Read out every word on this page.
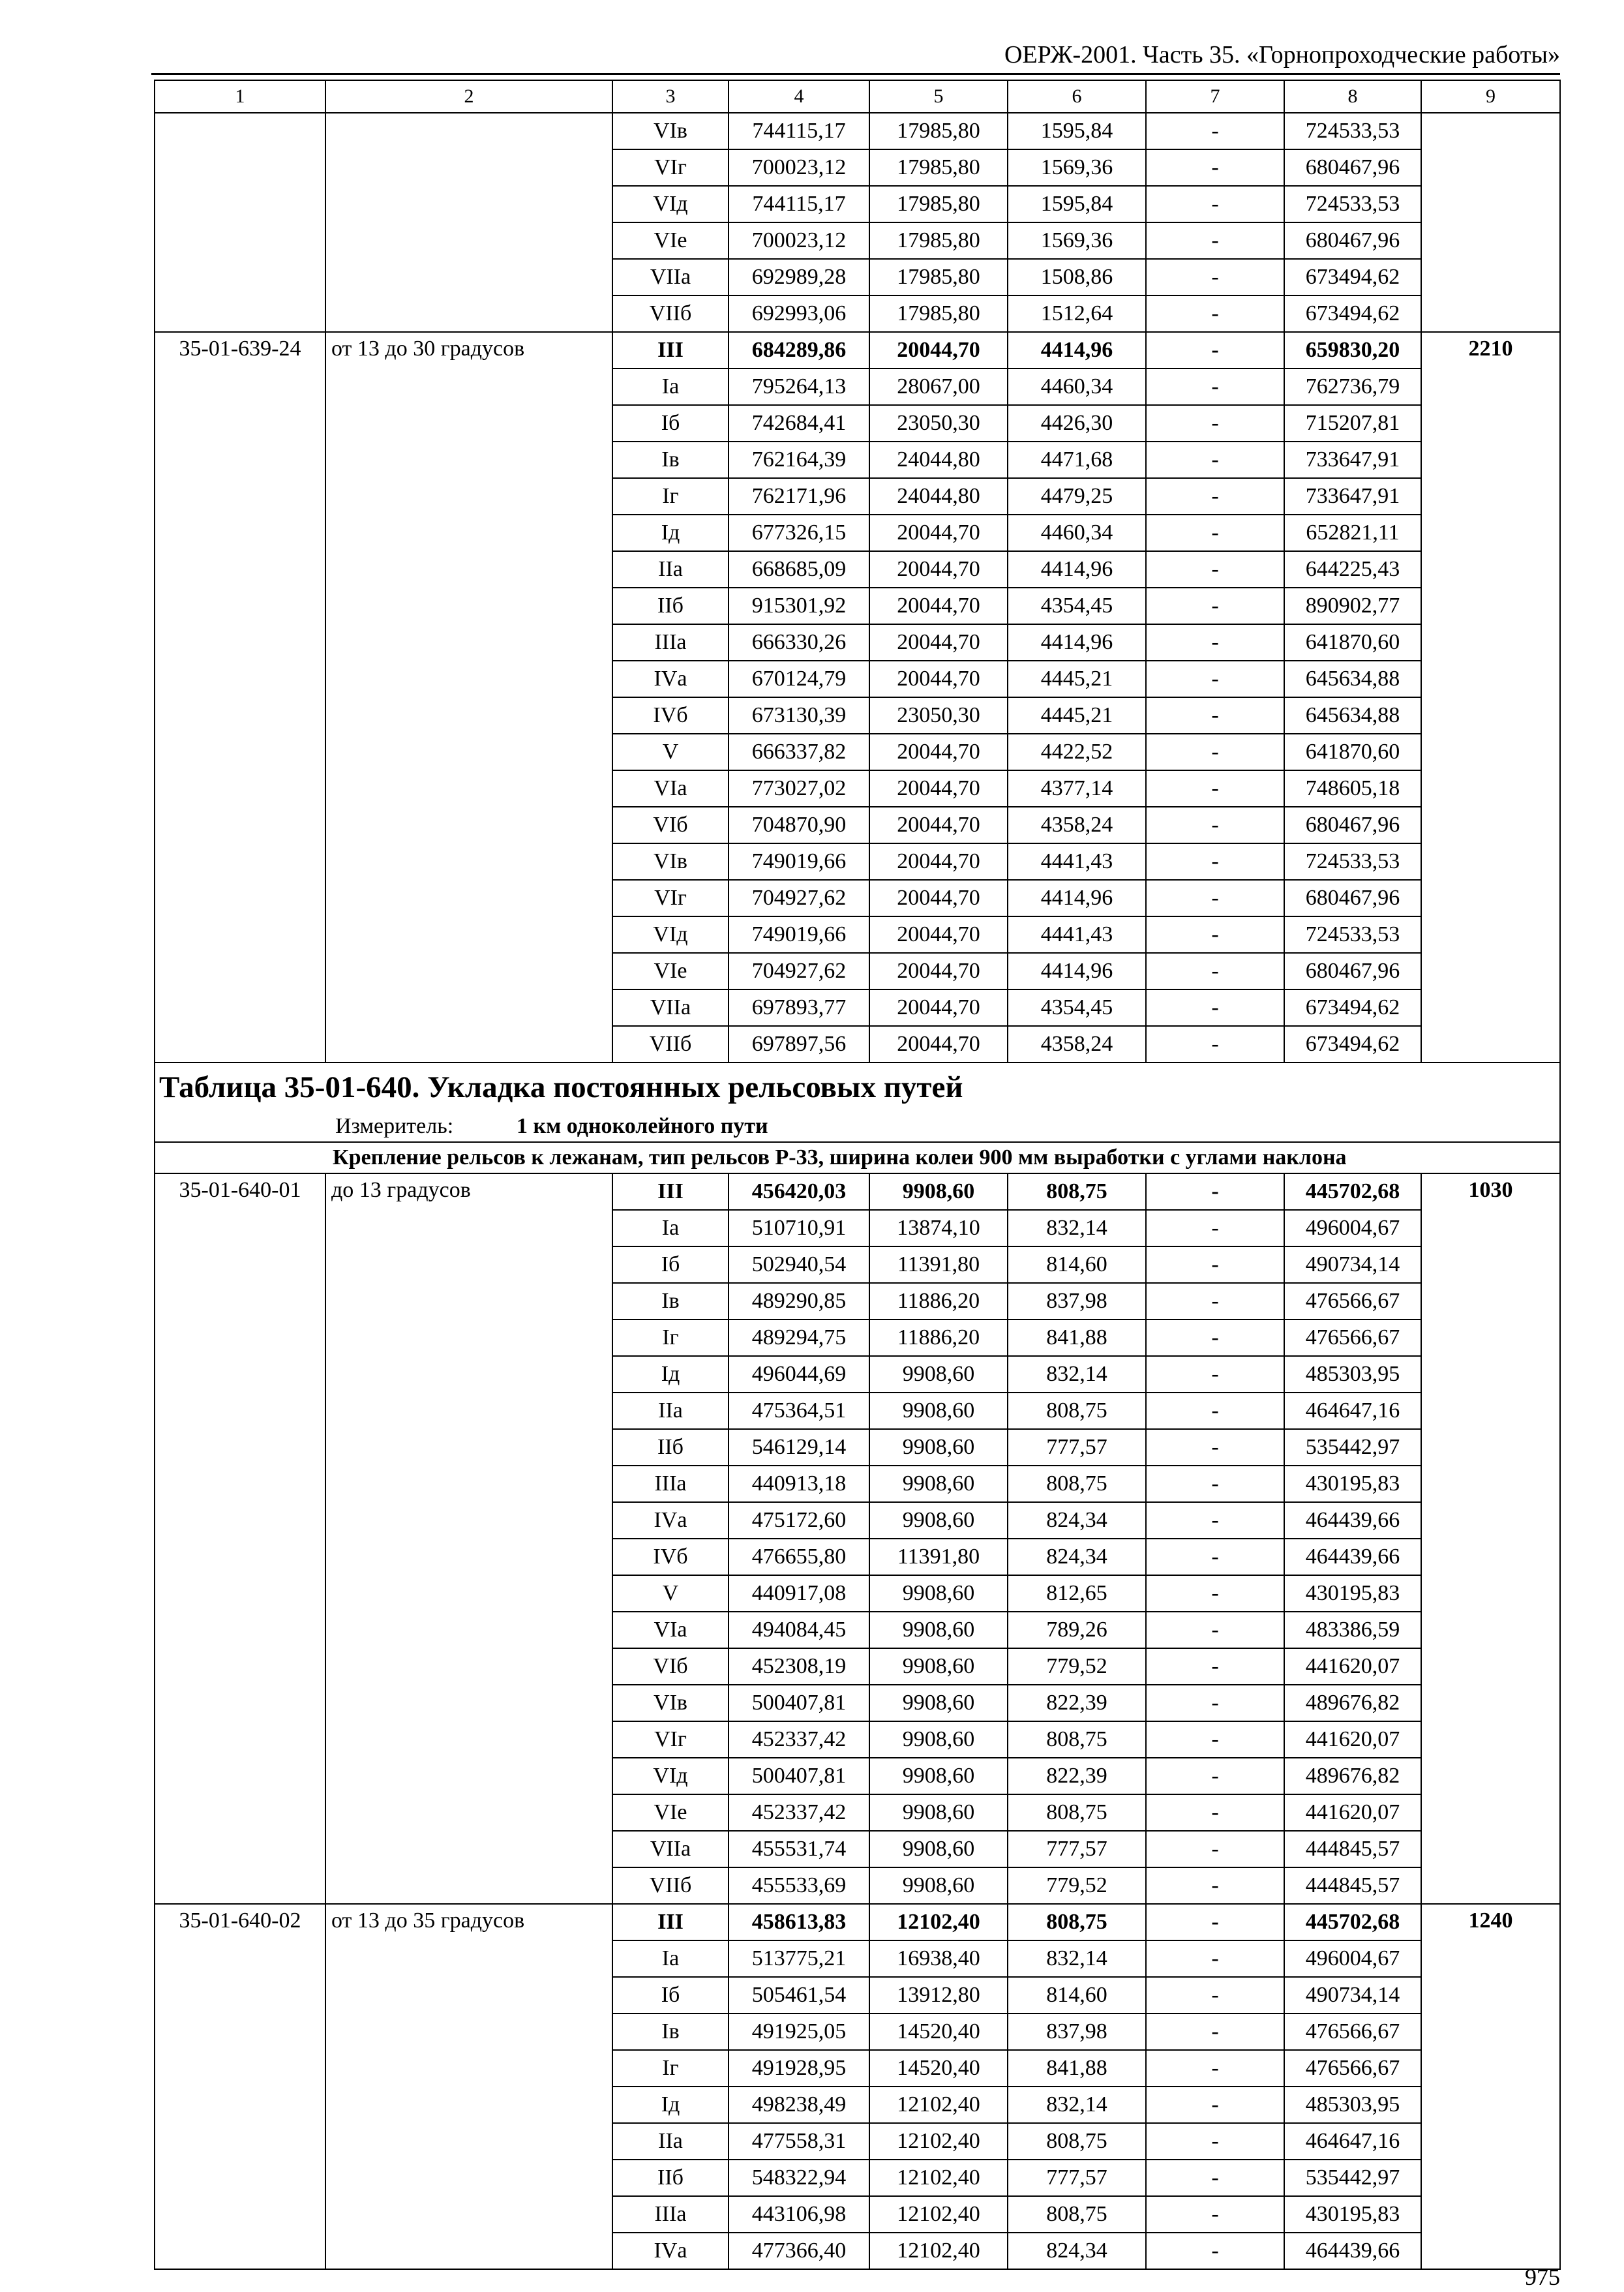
ОЕРЖ-2001. Часть 35. «Горнопроходческие работы»
1	2	3	4	5	6	7	8	9
		VIв	744115,17	17985,80	1595,84	-	724533,53	
		VIг	700023,12	17985,80	1569,36	-	680467,96	
		VIд	744115,17	17985,80	1595,84	-	724533,53	
		VIе	700023,12	17985,80	1569,36	-	680467,96	
		VIIа	692989,28	17985,80	1508,86	-	673494,62	
		VIIб	692993,06	17985,80	1512,64	-	673494,62	
35-01-639-24	от 13 до 30 градусов	III	684289,86	20044,70	4414,96	-	659830,20	2210
		Iа	795264,13	28067,00	4460,34	-	762736,79	
		Iб	742684,41	23050,30	4426,30	-	715207,81	
		Iв	762164,39	24044,80	4471,68	-	733647,91	
		Iг	762171,96	24044,80	4479,25	-	733647,91	
		Iд	677326,15	20044,70	4460,34	-	652821,11	
		IIа	668685,09	20044,70	4414,96	-	644225,43	
		IIб	915301,92	20044,70	4354,45	-	890902,77	
		IIIа	666330,26	20044,70	4414,96	-	641870,60	
		IVа	670124,79	20044,70	4445,21	-	645634,88	
		IVб	673130,39	23050,30	4445,21	-	645634,88	
		V	666337,82	20044,70	4422,52	-	641870,60	
		VIа	773027,02	20044,70	4377,14	-	748605,18	
		VIб	704870,90	20044,70	4358,24	-	680467,96	
		VIв	749019,66	20044,70	4441,43	-	724533,53	
		VIг	704927,62	20044,70	4414,96	-	680467,96	
		VIд	749019,66	20044,70	4441,43	-	724533,53	
		VIе	704927,62	20044,70	4414,96	-	680467,96	
		VIIа	697893,77	20044,70	4354,45	-	673494,62	
		VIIб	697897,56	20044,70	4358,24	-	673494,62	
Таблица 35-01-640. Укладка постоянных рельсовых путей								
Измеритель: 1 км одноколейного пути								
Крепление рельсов к лежанам, тип рельсов Р-33, ширина колеи 900 мм выработки с углами наклона								
35-01-640-01	до 13 градусов	III	456420,03	9908,60	808,75	-	445702,68	1030
		Iа	510710,91	13874,10	832,14	-	496004,67	
		Iб	502940,54	11391,80	814,60	-	490734,14	
		Iв	489290,85	11886,20	837,98	-	476566,67	
		Iг	489294,75	11886,20	841,88	-	476566,67	
		Iд	496044,69	9908,60	832,14	-	485303,95	
		IIа	475364,51	9908,60	808,75	-	464647,16	
		IIб	546129,14	9908,60	777,57	-	535442,97	
		IIIа	440913,18	9908,60	808,75	-	430195,83	
		IVа	475172,60	9908,60	824,34	-	464439,66	
		IVб	476655,80	11391,80	824,34	-	464439,66	
		V	440917,08	9908,60	812,65	-	430195,83	
		VIа	494084,45	9908,60	789,26	-	483386,59	
		VIб	452308,19	9908,60	779,52	-	441620,07	
		VIв	500407,81	9908,60	822,39	-	489676,82	
		VIг	452337,42	9908,60	808,75	-	441620,07	
		VIд	500407,81	9908,60	822,39	-	489676,82	
		VIе	452337,42	9908,60	808,75	-	441620,07	
		VIIа	455531,74	9908,60	777,57	-	444845,57	
		VIIб	455533,69	9908,60	779,52	-	444845,57	
35-01-640-02	от 13 до 35 градусов	III	458613,83	12102,40	808,75	-	445702,68	1240
		Iа	513775,21	16938,40	832,14	-	496004,67	
		Iб	505461,54	13912,80	814,60	-	490734,14	
		Iв	491925,05	14520,40	837,98	-	476566,67	
		Iг	491928,95	14520,40	841,88	-	476566,67	
		Iд	498238,49	12102,40	832,14	-	485303,95	
		IIа	477558,31	12102,40	808,75	-	464647,16	
		IIб	548322,94	12102,40	777,57	-	535442,97	
		IIIа	443106,98	12102,40	808,75	-	430195,83	
		IVа	477366,40	12102,40	824,34	-	464439,66	
975
